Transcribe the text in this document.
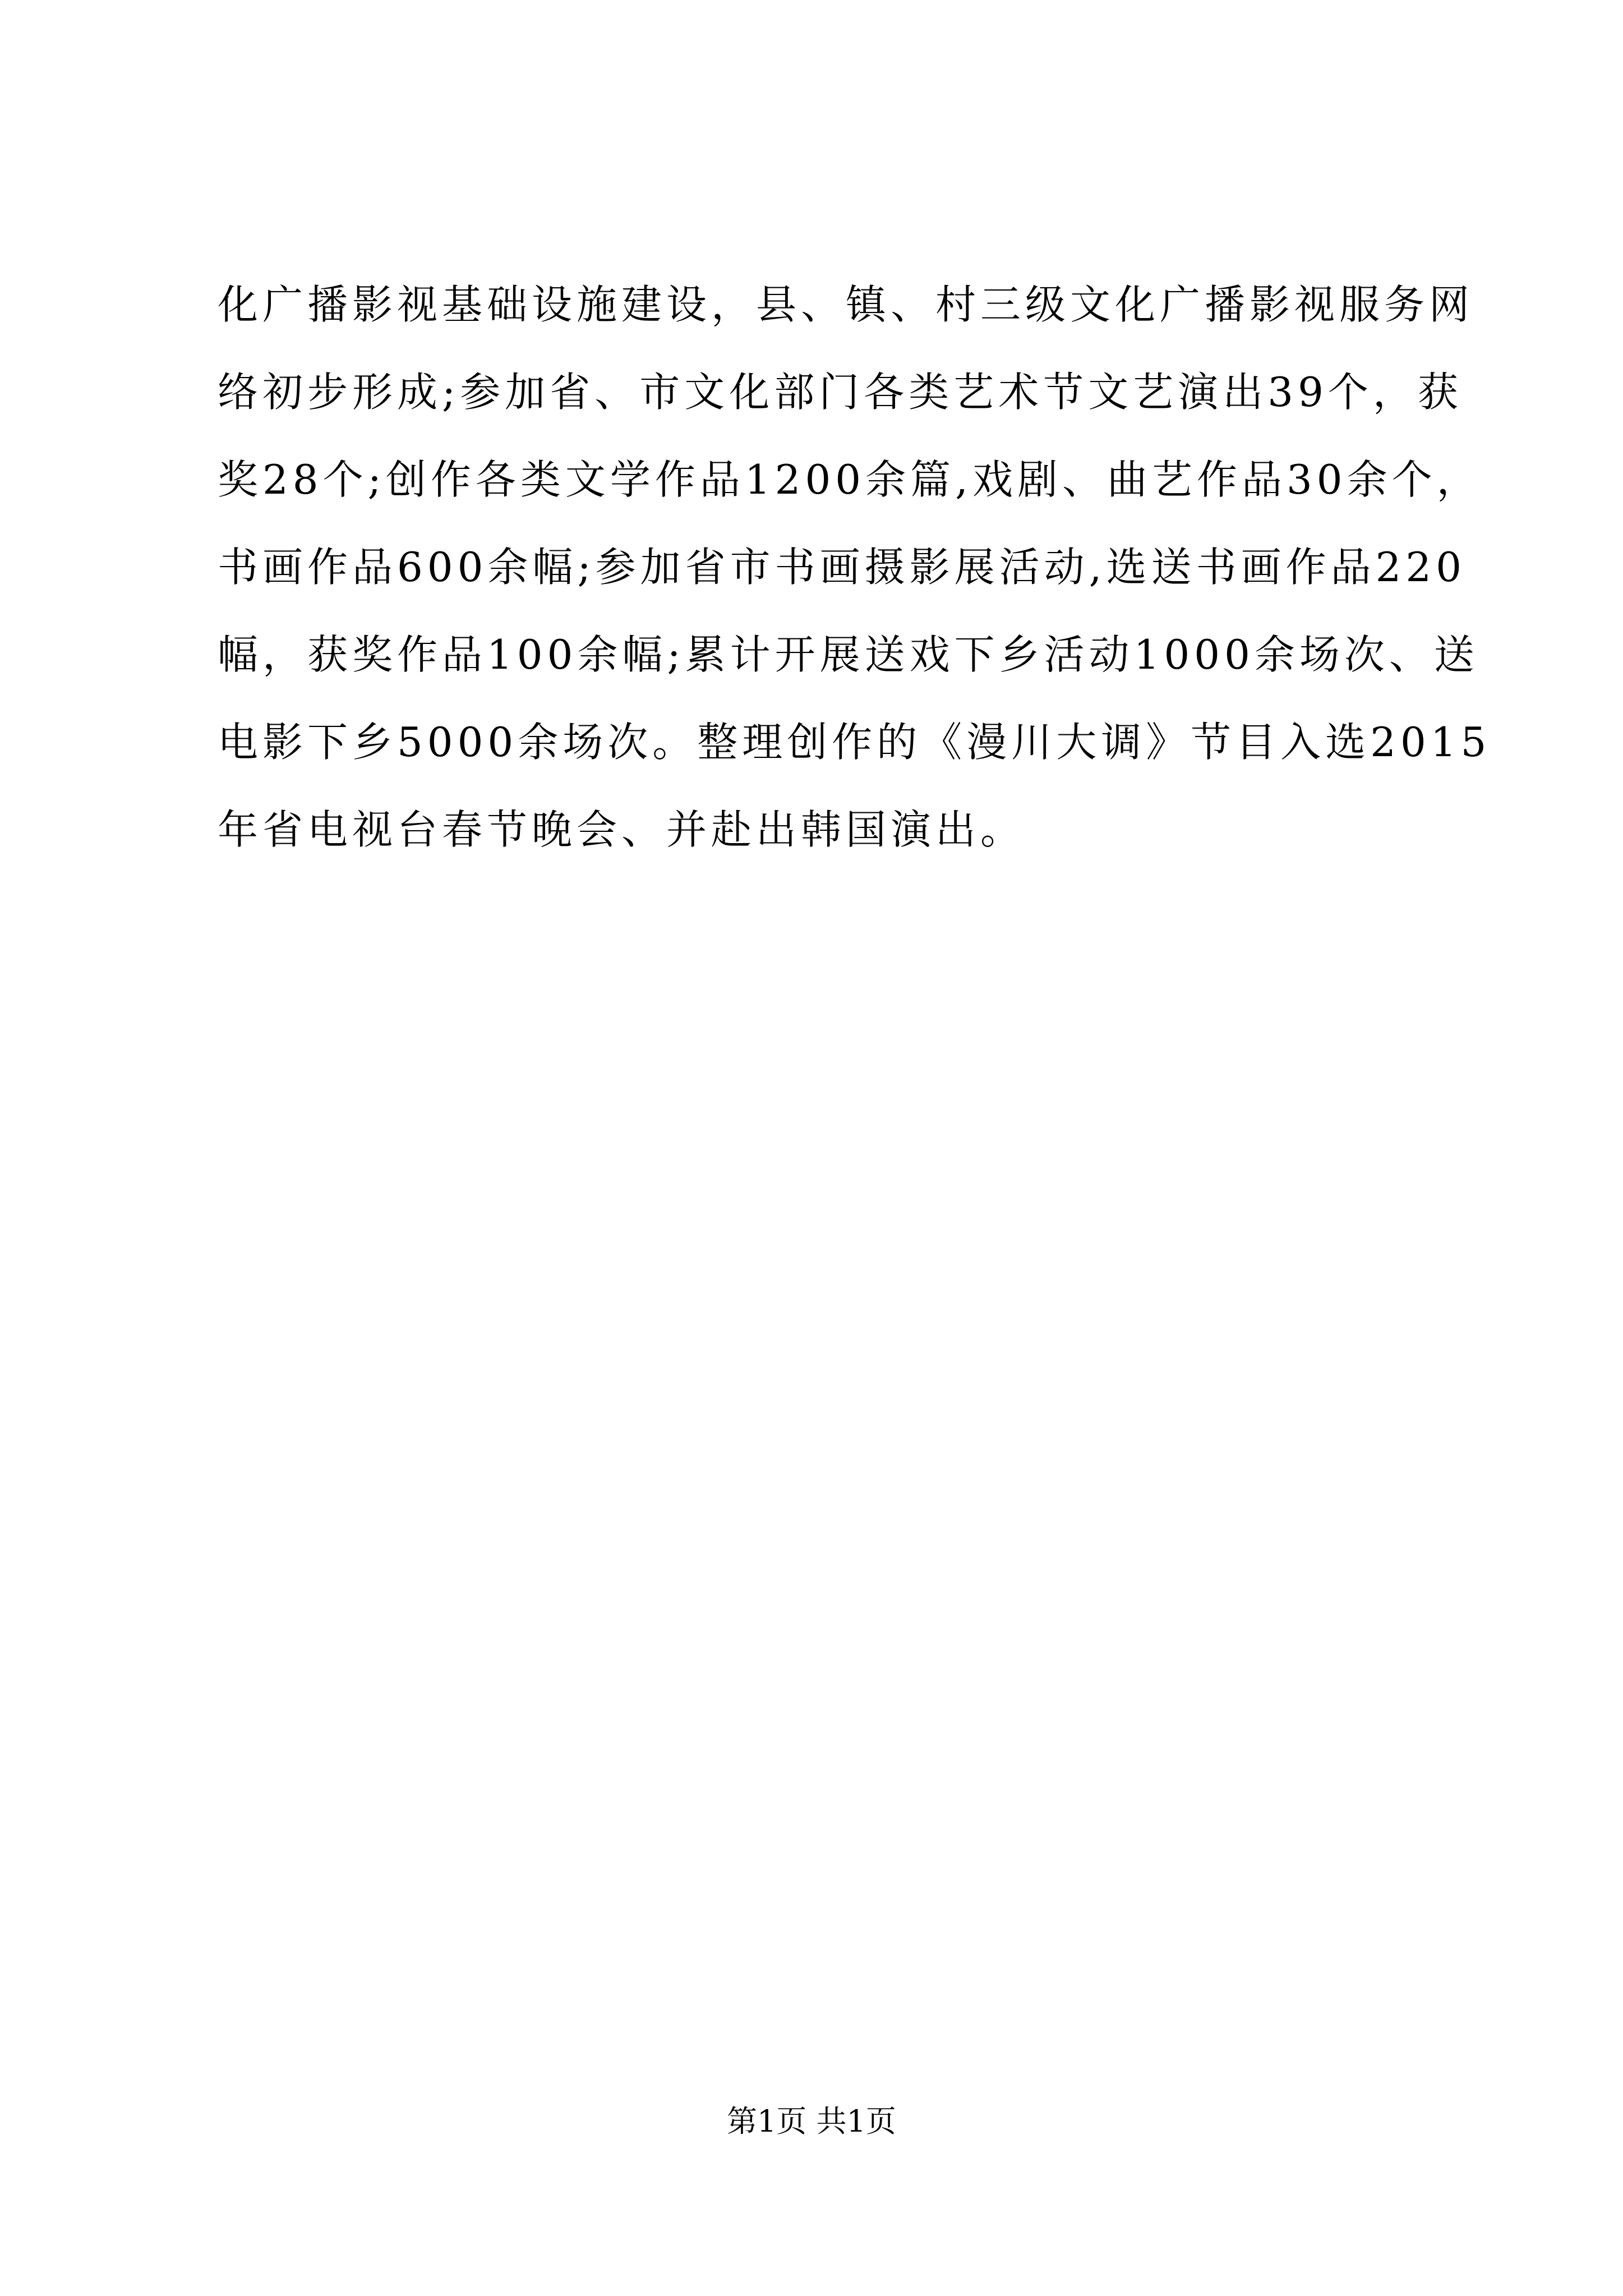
化广播影视基础设施建设，县、镇、村三级文化广播影视服务网
络初步形成;参加省、市文化部门各类艺术节文艺演出39个，获
奖28个;创作各类文学作品1200余篇,戏剧、曲艺作品30余个，
书画作品600余幅;参加省市书画摄影展活动,选送书画作品220
幅，获奖作品100余幅;累计开展送戏下乡活动1000余场次、送
电影下乡5000余场次。整理创作的《漫川大调》节目入选2015
年省电视台春节晚会、并赴出韩国演出。
第1页 共1页
